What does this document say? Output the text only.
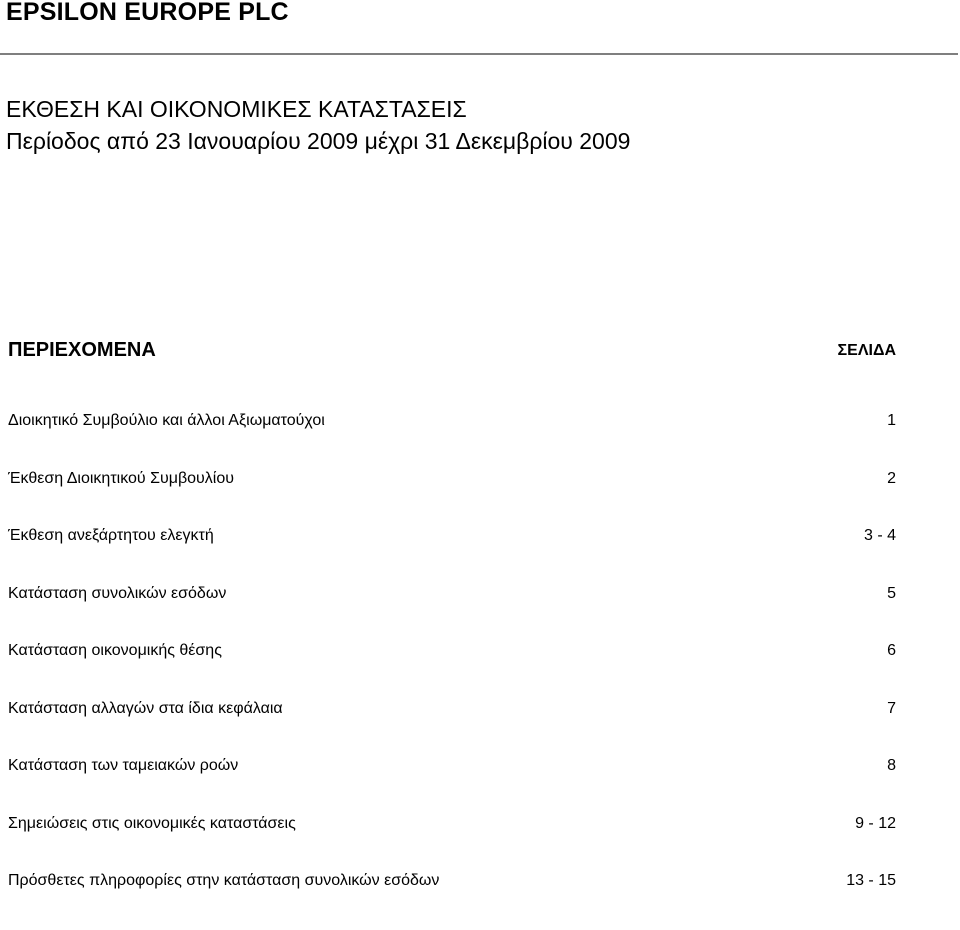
EPSILON EUROPE PLC
ΕΚΘΕΣΗ ΚΑΙ ΟΙΚΟΝΟΜΙΚΕΣ ΚΑΤΑΣΤΑΣΕΙΣ
Περίοδος από 23 Ιανουαρίου 2009 μέχρι 31 Δεκεμβρίου 2009
ΠΕΡΙΕΧΟΜΕΝΑ	ΣΕΛΙΔΑ
Διοικητικό Συμβούλιο και άλλοι Αξιωματούχοι	1
Έκθεση Διοικητικού Συμβουλίου	2
Έκθεση ανεξάρτητου ελεγκτή	3 - 4
Κατάσταση συνολικών εσόδων	5
Κατάσταση οικονομικής θέσης	6
Κατάσταση αλλαγών στα ίδια κεφάλαια	7
Κατάσταση των ταμειακών ροών	8
Σημειώσεις στις οικονομικές καταστάσεις	9 - 12
Πρόσθετες πληροφορίες στην κατάσταση συνολικών εσόδων	13 - 15
